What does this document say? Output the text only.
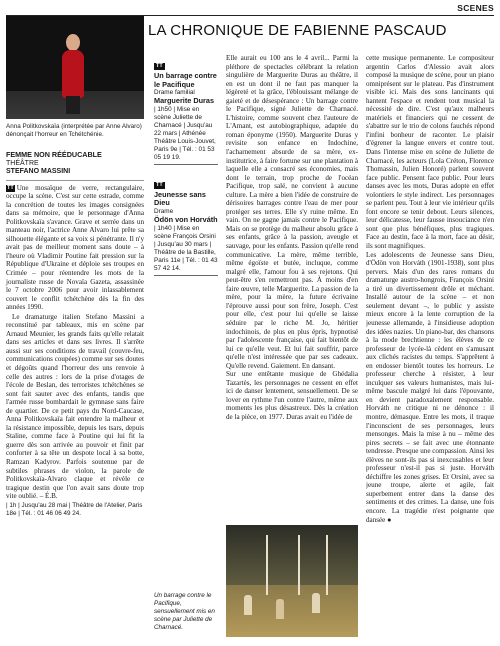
SCENES
LA CHRONIQUE DE FABIENNE PASCAUD
Anna Politkovskaïa (interprétée par Anne Alvaro) dénonçait l'horreur en Tchétchénie.
FEMME NON RÉÉDUCABLE
THÉÂTRE
STEFANO MASSINI

TT Une mosaïque de verre, rectangulaire, occupe la scène. C'est sur cette estrade, comme la concrétion de toutes les images consignées dans sa mémoire, que le personnage d'Anna Politkovskaïa s'avance. Grave et serrée dans un manteau noir, l'actrice Anne Alvaro lui prête sa silhouette élégante et sa voix si pénétrante. Il n'y avait pas de meilleur moment sans doute – à l'heure où Vladimir Poutine fait pression sur la République d'Ukraine et déploie ses troupes en Crimée – pour réentendre les mots de la journaliste russe de Novaïa Gazeta, assassinée le 7 octobre 2006 pour avoir inlassablement couvert le conflit tchétchène dès la fin des années 1990.

Le dramaturge italien Stefano Massini a reconstitué par tableaux, mis en scène par Arnaud Meunier, les grands faits qu'elle relatait dans ses articles et dans ses livres. Il s'arrête aussi sur ses conditions de travail (couvre-feu, communications coupées) comme sur ses doutes et dégoûts quand l'horreur des uns renvoie à celle des autres : lors de la prise d'otages de l'école de Beslan, des terroristes tchétchènes se sont fait sauter avec des enfants, tandis que l'armée russe bombardait le gymnase sans faire de quartier. De ce petit pays du Nord-Caucase, Anna Politkovskaïa fait entendre la malheur et la résistance impossible, depuis les tsars, depuis Staline, comme face à Poutine qui lui fit la guerre dès son arrivée au pouvoir et finit par conforter à sa tête un despote local à sa botte, Ramzan Kadyrov. Parfois soutenue par de subtiles phrases de violon, la parole de Politkovskaïa-Alvaro claque et révèle ce tragique destin que l'on avait sans doute trop vite oublié. – É.B.

| 1h | Jusqu'au 28 mai | Théâtre de l'Atelier, Paris 18e | Tél. : 01 46 06 49 24.
TT
Un barrage contre le Pacifique
Drame familial
Marguerite Duras
| 1h50 | Mise en scène Juliette de Charnacé | Jusqu'au 22 mars | Athénée Théâtre Louis-Jouvet, Paris 9e | Tél. : 01 53 05 19 19.
TT
Jeunesse sans Dieu
Drame
Ödön von Horváth
| 1h40 | Mise en scène François Orsini | Jusqu'au 30 mars | Théâtre de la Bastille, Paris 11e | Tél. : 01 43 57 42 14.
Un barrage contre le Pacifique, sensuellement mis en scène par Juliette de Charnacé.
Elle aurait eu 100 ans le 4 avril... Parmi la pléthore de spectacles célébrant la relation singulière de Marguerite Duras au théâtre, il en est un dont il ne faut pas manquer la légèreté et la grâce, l'éblouissant mélange de gaieté et de désespérance : Un barrage contre le Pacifique, signé Juliette de Charnacé. L'histoire, comme souvent chez l'auteure de L'Amant, est autobiographique, adaptée du roman éponyme (1950). Marguerite Duras y revisite son enfance en Indochine, l'acharnement absurde de sa mère, ex-institutrice, à faire fortune sur une plantation à laquelle elle a consacré ses économies, mais dont le terrain, trop proche de l'océan Pacifique, trop salé, ne convient à aucune culture. La mère a bien l'idée de construire de dérisoires barrages contre l'eau de mer pour protéger ses terres. Elle s'y ruine même. En vain. On ne gagne jamais contre le Pacifique. Mais on se protège du malheur absolu grâce à ses enfants, grâce à la passion, aveugle et sauvage, pour les enfants. Passion qu'elle rend communicative. La mère, même terrible, même égoïste et butée, incluque, comme malgré elle, l'amour fou à ses rejetons. Qui peut-être s'en remettront pas. À moins d'en faire œuvre, telle Marguerite. La passion de la mère, pour la mère, la future écrivaine l'éprouve aussi pour son frère, Joseph. C'est pour elle, c'est pour lui qu'elle se laisse séduire par le riche M. Jo, héritier indochinois, de plus en plus épris, hypnotisé par l'adolescente française, qui fait bientôt de lui ce qu'elle veut. Et lui fait souffrir, parce qu'elle n'est intéressée que par ses cadeaux. Qu'elle revend. Gaiement. En dansant.
Sur une entêtante musique de Ghédalia Tazartès, les personnages ne cessent en effet ici de danser lentement, sensuellement. De se lover en rythme l'un contre l'autre, même aux moments les plus désastreux. Dès la création de la pièce, en 1977. Duras avait eu l'idée de
cette musique permanente. Le compositeur argentin Carlos d'Alessio avait alors composé la musique de scène, pour un piano omniprésent sur le plateau. Pas d'instrument visible ici. Mais des sons lancinants qui hantent l'espace et rendent tout musical la nécessité de dire. C'est qu'aux malheurs matériels et financiers qui ne cessent de s'abattre sur le trio de colons fauchés répond l'infini bonheur de raconter. Le plaisir d'égrener la langue envers et contre tout. Dans l'intense mise en scène de Juliette de Charnacé, les acteurs (Lola Créton, Florence Thomassin, Julien Honoré) parlent souvent face public. Pensent face public. Pour leurs danses avec les mots, Duras adopte en effet volontiers le style indirect. Les personnages se parlent peu. Tout à leur vie intérieur qu'ils font encore se tenir debout. Leurs silences, leur délicatesse, leur fausse insouciance n'en sont que plus bénéfiques, plus tragiques. Face au destin, face à la mort, face au désir, ils sont magnifiques.
Les adolescents de Jeunesse sans Dieu, d'Ödön von Horváth (1901-1938), sont plus pervers. Mais d'un des rares romans du dramaturge austro-hongrois, François Orsini a tiré un divertissement drôle et méchant. Installé autour de la scène – et non seulement devant –, le public y assiste mieux encore à la lente corruption de la jeunesse allemande, à l'insidieuse adoption des idées nazies. Un piano-bar, des chansons à la mode brechtienne : les élèves de ce professeur de lycée-là cèdent en s'amusant aux clichés racistes du temps. S'apprêtent à en endosser bientôt toutes les horreurs. Le professeur cherche à résister, à leur inculquer ses valeurs humanistes, mais lui-même bascule malgré lui dans l'épouvante, en devient paradoxalement responsable. Horváth ne critique ni ne dénonce : il montre, démasque. Entre les mots, il traque l'inconscient de ses personnages, leurs mensonges. Mais la mise à nu – même des pires secrets – se fait avec une étonnante tendresse. Presque une compassion. Ainsi les élèves ne sont-ils pas si inexcusables et leur professeur n'est-il pas si juste. Horváth déchiffre les zones grises. Et Orsini, avec sa jeune troupe, alerte et agile, fait superbement entrer dans la danse des sentiments et des crimes. La danse, une fois encore. La tragédie n'est poignante que dansée ●
